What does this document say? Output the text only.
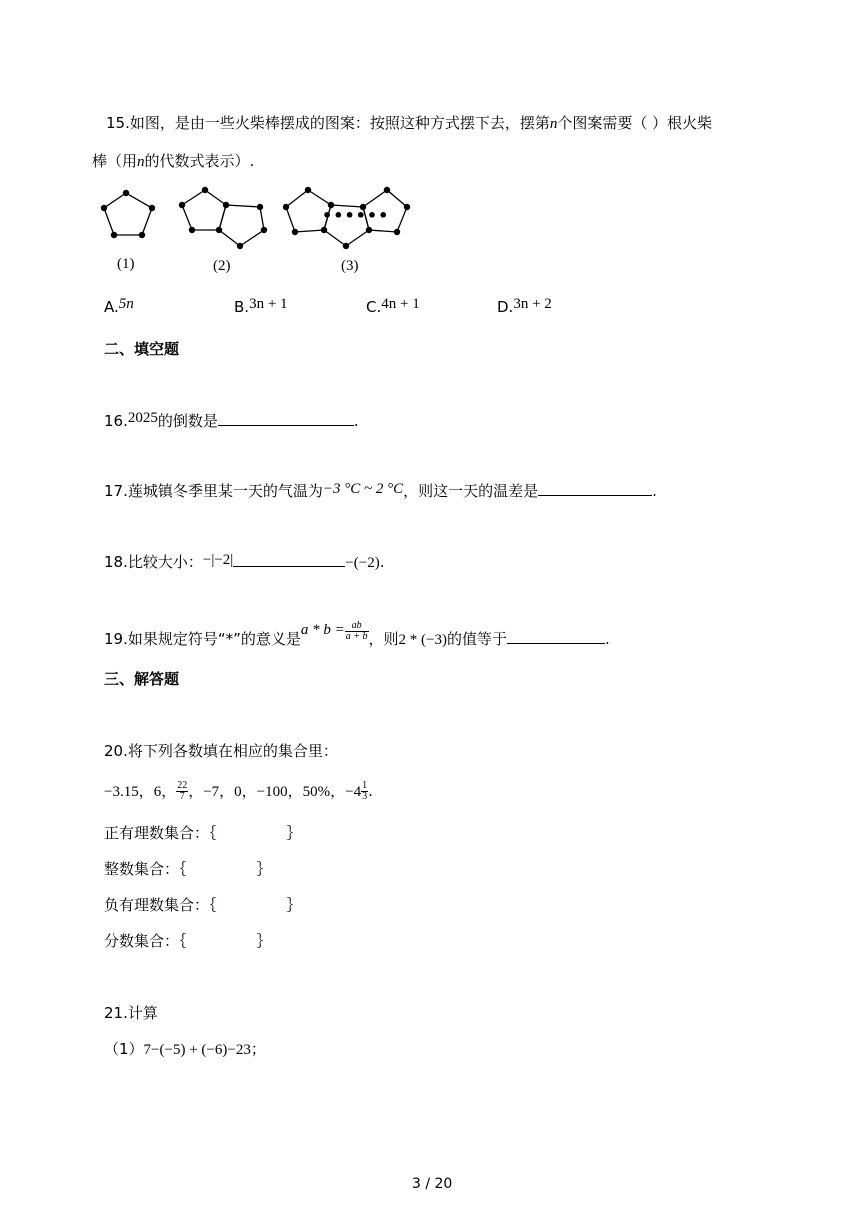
15.如图，是由一些火柴棒摆成的图案：按照这种方式摆下去，摆第n个图案需要（ ）根火柴
棒（用n的代数式表示）.
••••••
(1)	(2)	(3)
A.5n	B.3n + 1	C.4n + 1	D.3n + 2
二、填空题
16.2025的倒数是	.
17.莲城镇冬季里某一天的气温为−3 °C ~ 2 °C，则这一天的温差是	.
18.比较大小：−|−2|	−(−2).
19.如果规定符号“*”的意义是$a * b = \frac{ab}{a + b}$ ，则2 * (−3)的值等于	.
三、解答题
20.将下列各数填在相应的集合里：
−3.15，6， $\frac{22}{7}$ ，−7，0，−100，50%，$-4 \frac{1}{3}$ .
正有理数集合：｛	｝
整数集合：｛	｝
负有理数集合：｛	｝
分数集合：｛	｝
21.计算
（1）7−(−5) + (−6)−23；
3 / 20
